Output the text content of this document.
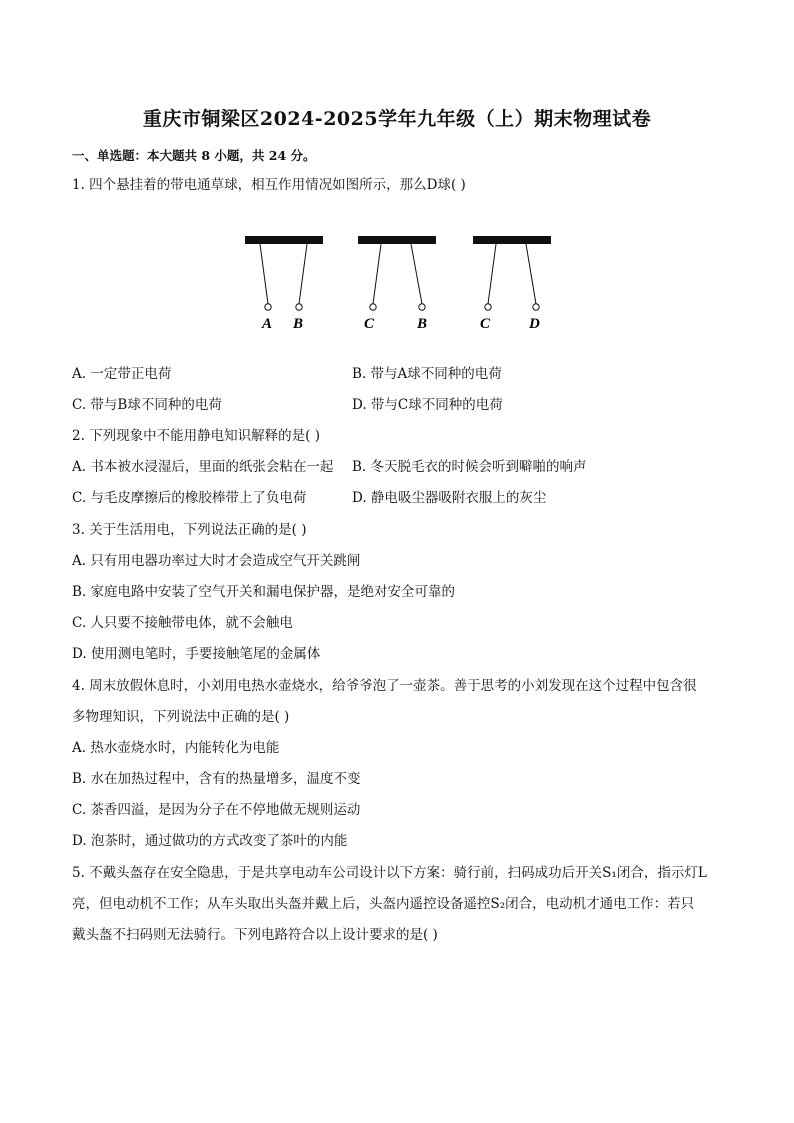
重庆市铜梁区2024-2025学年九年级（上）期末物理试卷
一、单选题：本大题共 8 小题，共 24 分。
1. 四个悬挂着的带电通草球，相互作用情况如图所示，那么D球( )
A B	C	B	C	D
A. 一定带正电荷	B. 带与A球不同种的电荷
C. 带与B球不同种的电荷	D. 带与C球不同种的电荷
2. 下列现象中不能用静电知识解释的是( )
A. 书本被水浸湿后，里面的纸张会粘在一起 B. 冬天脱毛衣的时候会听到噼啪的响声
C. 与毛皮摩擦后的橡胶棒带上了负电荷	D. 静电吸尘器吸附衣服上的灰尘
3. 关于生活用电，下列说法正确的是( )
A. 只有用电器功率过大时才会造成空气开关跳闸
B. 家庭电路中安装了空气开关和漏电保护器，是绝对安全可靠的
C. 人只要不接触带电体，就不会触电
D. 使用测电笔时，手要接触笔尾的金属体
4. 周末放假休息时，小刘用电热水壶烧水，给爷爷泡了一壶茶。善于思考的小刘发现在这个过程中包含很
多物理知识，下列说法中正确的是( )
A. 热水壶烧水时，内能转化为电能
B. 水在加热过程中，含有的热量增多，温度不变
C. 茶香四溢，是因为分子在不停地做无规则运动
D. 泡茶时，通过做功的方式改变了茶叶的内能
5. 不戴头盔存在安全隐患，于是共享电动车公司设计以下方案：骑行前，扫码成功后开关S₁闭合，指示灯L
亮，但电动机不工作；从车头取出头盔并戴上后，头盔内遥控设备遥控S₂闭合，电动机才通电工作：若只
戴头盔不扫码则无法骑行。下列电路符合以上设计要求的是( )
